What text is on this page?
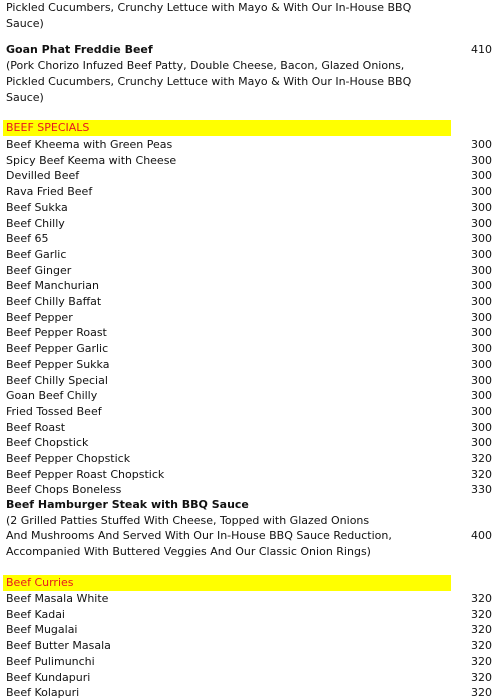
Pickled Cucumbers, Crunchy Lettuce with Mayo & With Our In-House BBQ
Sauce)
Goan Phat Freddie Beef	410
(Pork Chorizo Infuzed Beef Patty, Double Cheese, Bacon, Glazed Onions,
Pickled Cucumbers, Crunchy Lettuce with Mayo & With Our In-House BBQ
Sauce)
BEEF SPECIALS
Beef Kheema with Green Peas	300
Spicy Beef Keema with Cheese	300
Devilled Beef	300
Rava Fried Beef	300
Beef Sukka	300
Beef Chilly	300
Beef 65	300
Beef Garlic	300
Beef Ginger	300
Beef Manchurian	300
Beef Chilly Baffat	300
Beef Pepper	300
Beef Pepper Roast	300
Beef Pepper Garlic	300
Beef Pepper Sukka	300
Beef Chilly Special	300
Goan Beef Chilly	300
Fried Tossed Beef	300
Beef Roast	300
Beef Chopstick	300
Beef Pepper Chopstick	320
Beef Pepper Roast Chopstick	320
Beef Chops Boneless	330
Beef Hamburger Steak with BBQ Sauce
(2 Grilled Patties Stuffed With Cheese, Topped with Glazed Onions
And Mushrooms And Served With Our In-House BBQ Sauce Reduction,	400
Accompanied With Buttered Veggies And Our Classic Onion Rings)
Beef Curries
Beef Masala White	320
Beef Kadai	320
Beef Mugalai	320
Beef Butter Masala	320
Beef Pulimunchi	320
Beef Kundapuri	320
Beef Kolapuri	320
